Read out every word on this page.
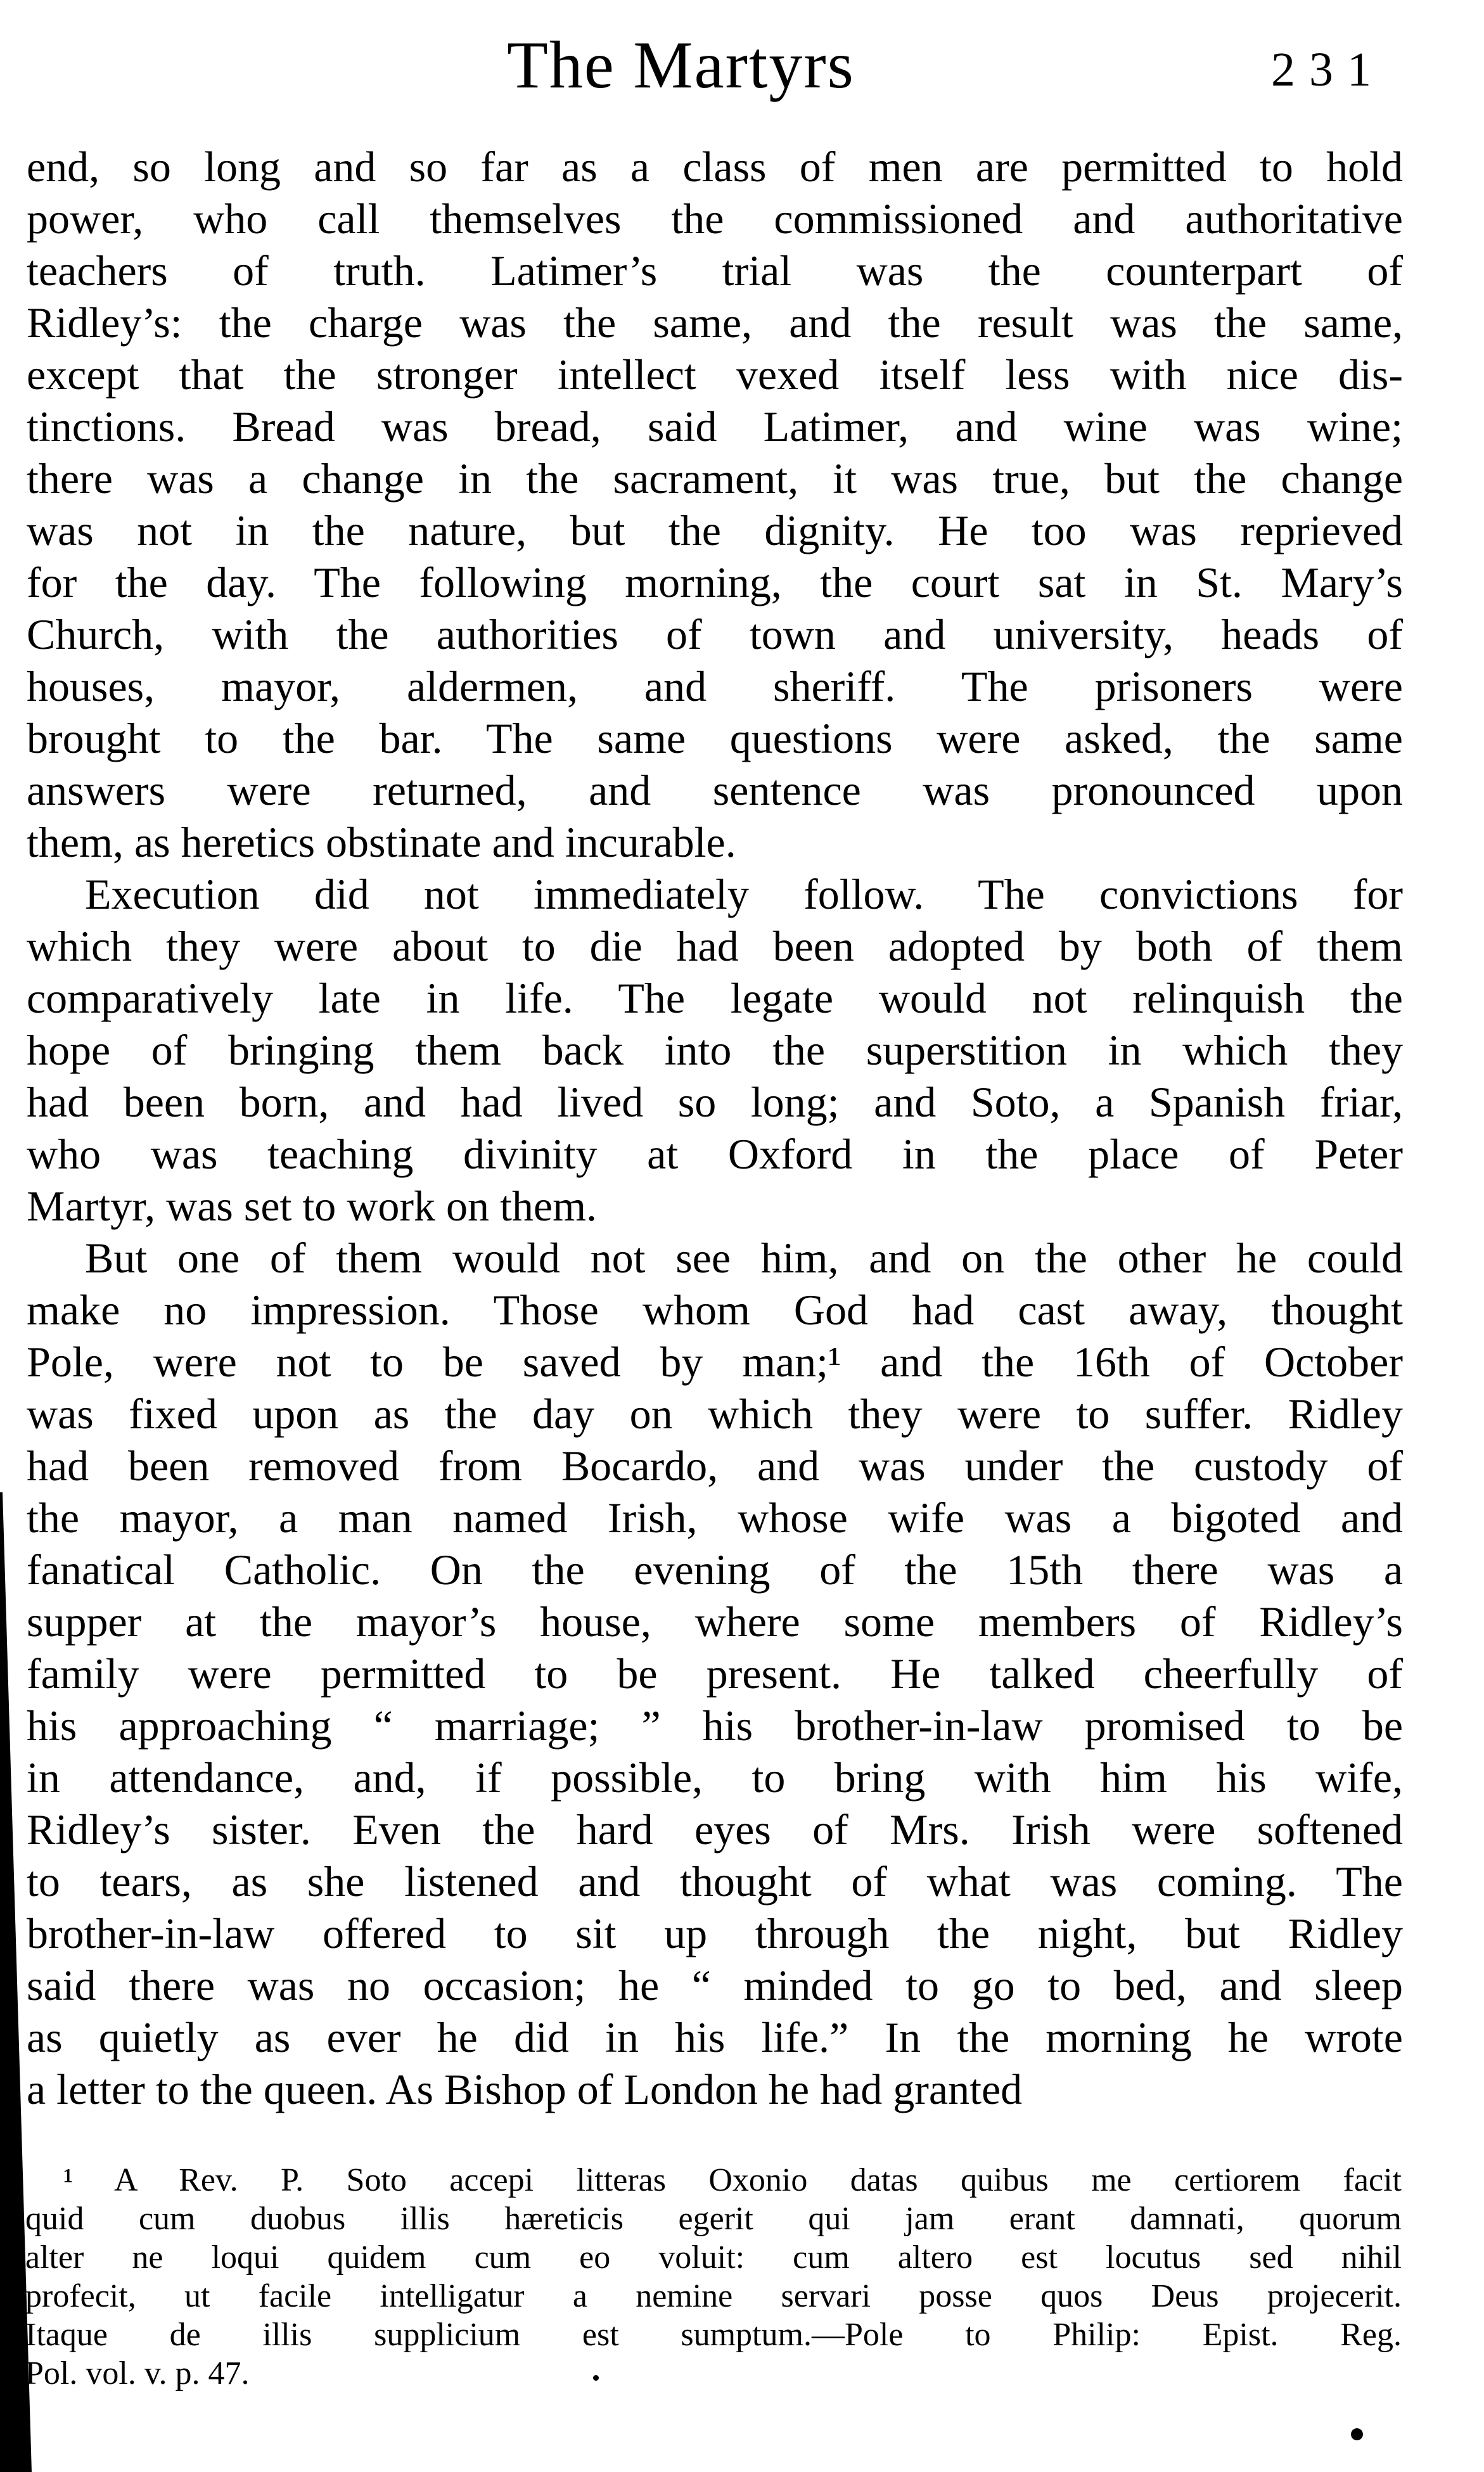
The Martyrs	231
end, so long and so far as a class of men are permitted to hold
power, who call themselves the commissioned and authoritative
teachers of truth. Latimer’s trial was the counterpart of
Ridley’s: the charge was the same, and the result was the same,
except that the stronger intellect vexed itself less with nice dis-
tinctions. Bread was bread, said Latimer, and wine was wine;
there was a change in the sacrament, it was true, but the change
was not in the nature, but the dignity. He too was reprieved
for the day. The following morning, the court sat in St. Mary’s
Church, with the authorities of town and university, heads of
houses, mayor, aldermen, and sheriff. The prisoners were
brought to the bar. The same questions were asked, the same
answers were returned, and sentence was pronounced upon
them, as heretics obstinate and incurable.
Execution did not immediately follow. The convictions for
which they were about to die had been adopted by both of them
comparatively late in life. The legate would not relinquish the
hope of bringing them back into the superstition in which they
had been born, and had lived so long; and Soto, a Spanish friar,
who was teaching divinity at Oxford in the place of Peter
Martyr, was set to work on them.
But one of them would not see him, and on the other he could
make no impression. Those whom God had cast away, thought
Pole, were not to be saved by man;¹ and the 16th of October
was fixed upon as the day on which they were to suffer. Ridley
had been removed from Bocardo, and was under the custody of
the mayor, a man named Irish, whose wife was a bigoted and
fanatical Catholic. On the evening of the 15th there was a
supper at the mayor’s house, where some members of Ridley’s
family were permitted to be present. He talked cheerfully of
his approaching “ marriage; ” his brother-in-law promised to be
in attendance, and, if possible, to bring with him his wife,
Ridley’s sister. Even the hard eyes of Mrs. Irish were softened
to tears, as she listened and thought of what was coming. The
brother-in-law offered to sit up through the night, but Ridley
said there was no occasion; he “ minded to go to bed, and sleep
as quietly as ever he did in his life.” In the morning he wrote
a letter to the queen. As Bishop of London he had granted
¹ A Rev. P. Soto accepi litteras Oxonio datas quibus me certiorem facit
quid cum duobus illis hæreticis egerit qui jam erant damnati, quorum
alter ne loqui quidem cum eo voluit: cum altero est locutus sed nihil
profecit, ut facile intelligatur a nemine servari posse quos Deus projecerit.
Itaque de illis supplicium est sumptum.—Pole to Philip: Epist. Reg.
Pol. vol. v. p. 47.
